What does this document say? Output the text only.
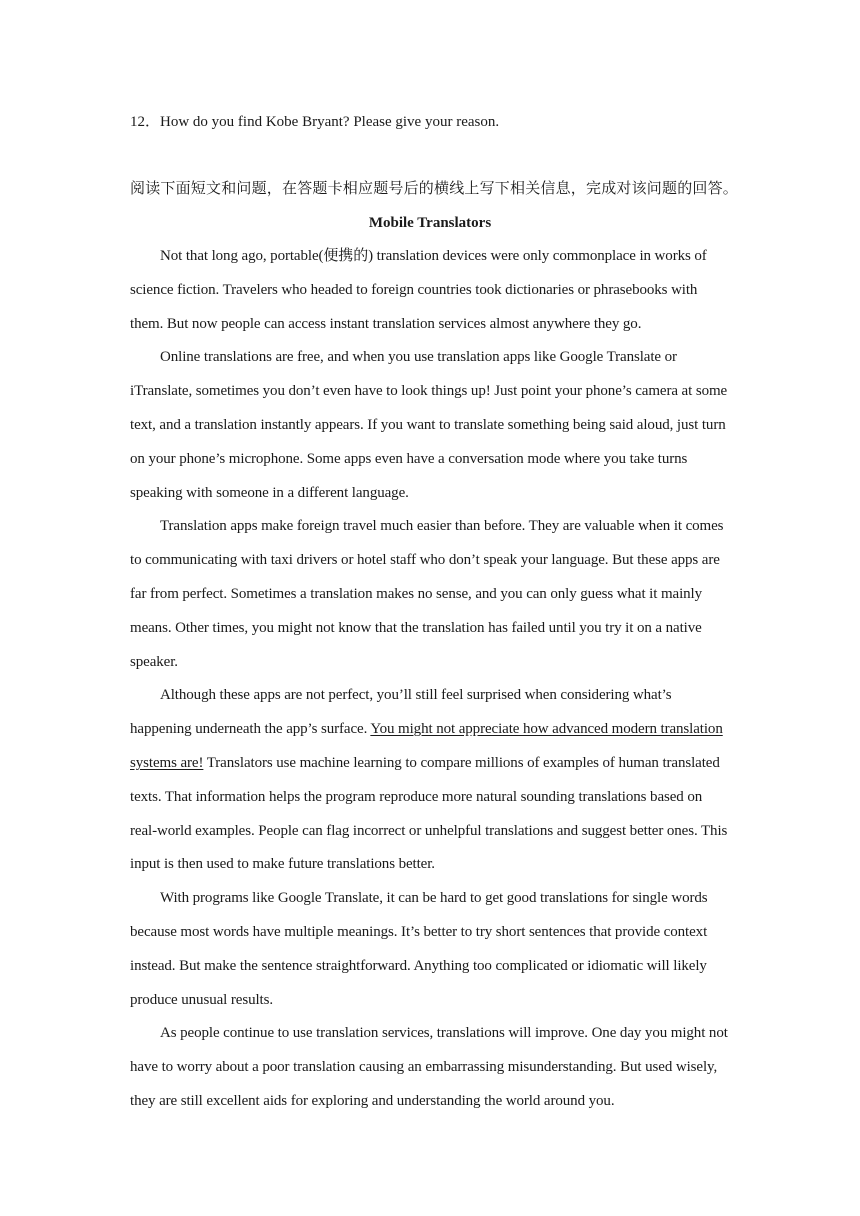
12．How do you find Kobe Bryant? Please give your reason.
阅读下面短文和问题，在答题卡相应题号后的横线上写下相关信息，完成对该问题的回答。
Mobile Translators

Not that long ago, portable(便携的) translation devices were only commonplace in works of science fiction. Travelers who headed to foreign countries took dictionaries or phrasebooks with them. But now people can access instant translation services almost anywhere they go.

Online translations are free, and when you use translation apps like Google Translate or iTranslate, sometimes you don’t even have to look things up! Just point your phone’s camera at some text, and a translation instantly appears. If you want to translate something being said aloud, just turn on your phone’s microphone. Some apps even have a conversation mode where you take turns speaking with someone in a different language.

Translation apps make foreign travel much easier than before. They are valuable when it comes to communicating with taxi drivers or hotel staff who don’t speak your language. But these apps are far from perfect. Sometimes a translation makes no sense, and you can only guess what it mainly means. Other times, you might not know that the translation has failed until you try it on a native speaker.

Although these apps are not perfect, you’ll still feel surprised when considering what’s happening underneath the app’s surface. You might not appreciate how advanced modern translation systems are! Translators use machine learning to compare millions of examples of human translated texts. That information helps the program reproduce more natural sounding translations based on real-world examples. People can flag incorrect or unhelpful translations and suggest better ones. This input is then used to make future translations better.

With programs like Google Translate, it can be hard to get good translations for single words because most words have multiple meanings. It’s better to try short sentences that provide context instead. But make the sentence straightforward. Anything too complicated or idiomatic will likely produce unusual results.

As people continue to use translation services, translations will improve. One day you might not have to worry about a poor translation causing an embarrassing misunderstanding. But used wisely, they are still excellent aids for exploring and understanding the world around you.
